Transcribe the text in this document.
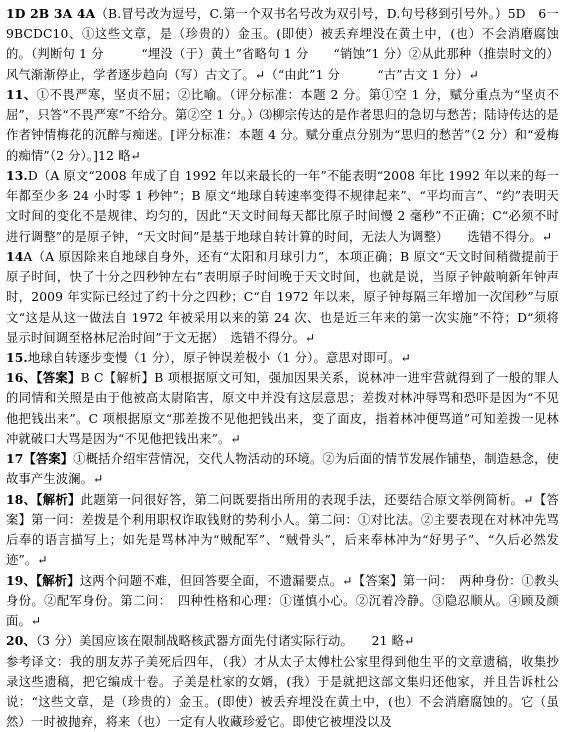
1D 2B 3A 4A（B.冒号改为逗号，C.第一个双书名号改为双引号，D.句号移到引号外。）5D　6一9BCDC10、①这些文章，是（珍贵的）金玉。(即使）被丢弃埋没在黄土中，(也）不会消磨腐蚀的。（判断句 1 分　　　“埋没（于）黄土”省略句 1 分　　“销蚀”1 分）②从此那种（推崇时文的）风气渐渐停止，学者逐步趋向（写）古文了。↵（“由此”1 分　　　“古”古文 1 分）↵

11、①不畏严寒，坚贞不屈；②比喻。（评分标准：本题 2 分。第①空 1 分，赋分重点为“坚贞不屈”，只答“不畏严寒”不给分。第②空 1 分。）⑶柳宗传达的是作者思归的急切与愁苦；陆诗传达的是作者钟情梅花的沉醉与痴迷。[评分标准：本题 4 分。赋分重点分别为“思归的愁苦”（2 分）和“爱梅的痴情”（2 分）。]12 略↵

13.D（A 原文“2008 年成了自 1992 年以来最长的一年”不能表明“2008 年比 1992 年以来的每一年都至少多 24 小时零 1 秒钟”；B 原文“地球自转速率变得不规律起来”、“平均而言”、“约”表明天文时间的变化不是规律、均匀的，因此“天文时间每天都比原子时间慢 2 毫秒”不正确；C“必须不时进行调整”的是原子钟，“天文时间”是基于地球自转计算的时间，无法人为调整）　　选错不得分。↵

14A（A 原因除来自地球自身外，还有“太阳和月球引力”，本项正确；B 原文“天文时间稍微提前于原子时间，快了十分之四秒钟左右”表明原子时间晚于天文时间，也就是说，当原子钟敲响新年钟声时，2009 年实际已经过了约十分之四秒；C“自 1972 年以来，原子钟每隔三年增加一次闰秒”与原文“这是从这一做法自 1972 年被采用以来的第 24 次、也是近三年来的第一次实施”不符；D“须将显示时间调至格林尼治时间”于文无据）　选错不得分。↵

15.地球自转逐步变慢（1 分），原子钟误差极小（1 分）。意思对即可。↵

16、【答案】B C【解析】B 项根据原文可知，强加因果关系，说林冲一进牢营就得到了一般的罪人的同情和关照是由于他被高太尉陷害，原文中并没有这层意思；差拨对林冲辱骂和恐吓是因为“不见他把钱出来”。C 项根据原文“那差拨不见他把钱出来，变了面皮，指着林冲便骂道”可知差拨一见林冲就破口大骂是因为“不见他把钱出来”。↵

17【答案】①概括介绍牢营情况，交代人物活动的环境。②为后面的情节发展作铺垫，制造悬念，使故事产生波澜。↵

18、【解析】此题第一问很好答，第二问既要指出所用的表现手法，还要结合原文举例简析。↵【答案】第一问：差拨是个利用职权诈取钱财的势利小人。第二问：①对比法。②主要表现在对林冲先骂后奉的语言描写上；如先是骂林冲为“贼配军”、“贼骨头”，后来奉林冲为“好男子”、“久后必然发迹”。↵

19、【解析】这两个问题不难，但回答要全面，不遗漏要点。↵【答案】第一问：　两种身份：①教头身份。②配军身份。第二问：　四种性格和心理：①谨慎小心。②沉着冷静。③隐忍顺从。④顾及颜面。↵

20、（3 分）美国应该在限制战略核武器方面先付诸实际行动。　　21 略↵

参考译文：我的朋友苏子美死后四年，（我）才从太子太傅杜公家里得到他生平的文章遗稿，收集抄录这些遗稿，把它编成十卷。子美是杜家的女婿，(我）于是就把这部文集归还他家，并且告诉杜公说：“这些文章，是（珍贵的）金玉。(即使）被丢弃埋没在黄土中，(也）不会消磨腐蚀的。它（虽然）一时被抛弃，将来（也）一定有人收藏珍爱它。即使它被埋没以及
